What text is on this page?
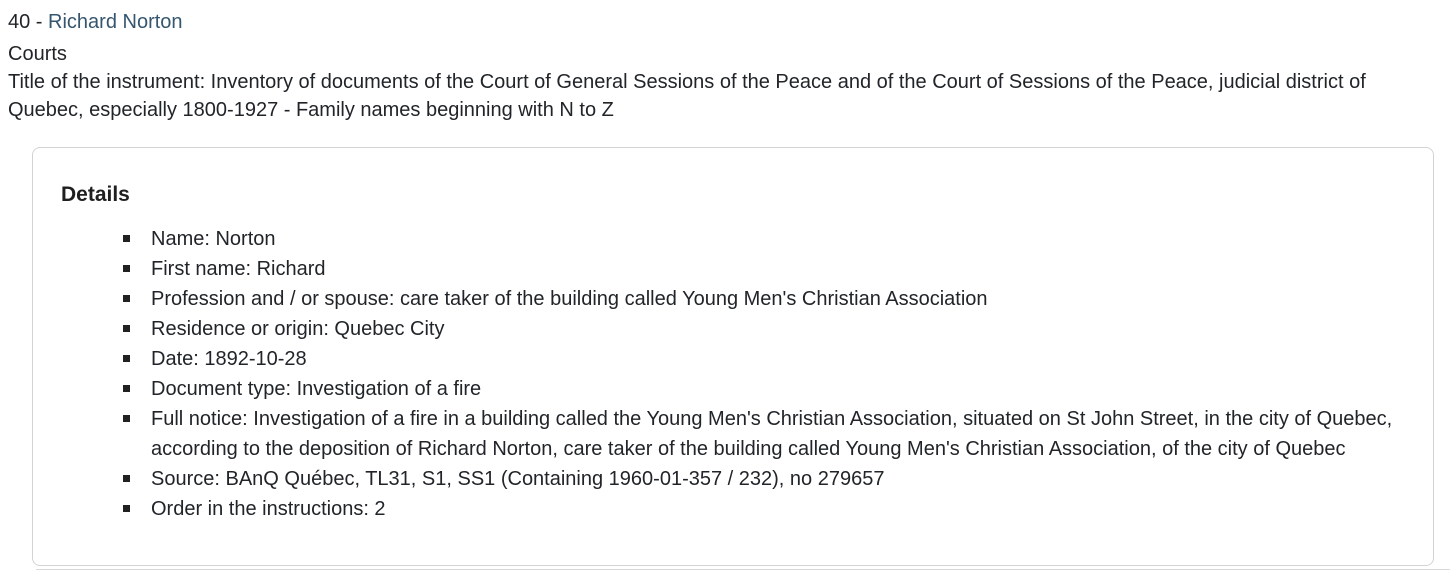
40 - Richard Norton

Courts

Title of the instrument: Inventory of documents of the Court of General Sessions of the Peace and of the Court of Sessions of the Peace, judicial district of Quebec, especially 1800-1927 - Family names beginning with N to Z

Details
Name: Norton
First name: Richard
Profession and / or spouse: care taker of the building called Young Men's Christian Association
Residence or origin: Quebec City
Date: 1892-10-28
Document type: Investigation of a fire
Full notice: Investigation of a fire in a building called the Young Men's Christian Association, situated on St John Street, in the city of Quebec, according to the deposition of Richard Norton, care taker of the building called Young Men's Christian Association, of the city of Quebec
Source: BAnQ Québec, TL31, S1, SS1 (Containing 1960-01-357 / 232), no 279657
Order in the instructions: 2
